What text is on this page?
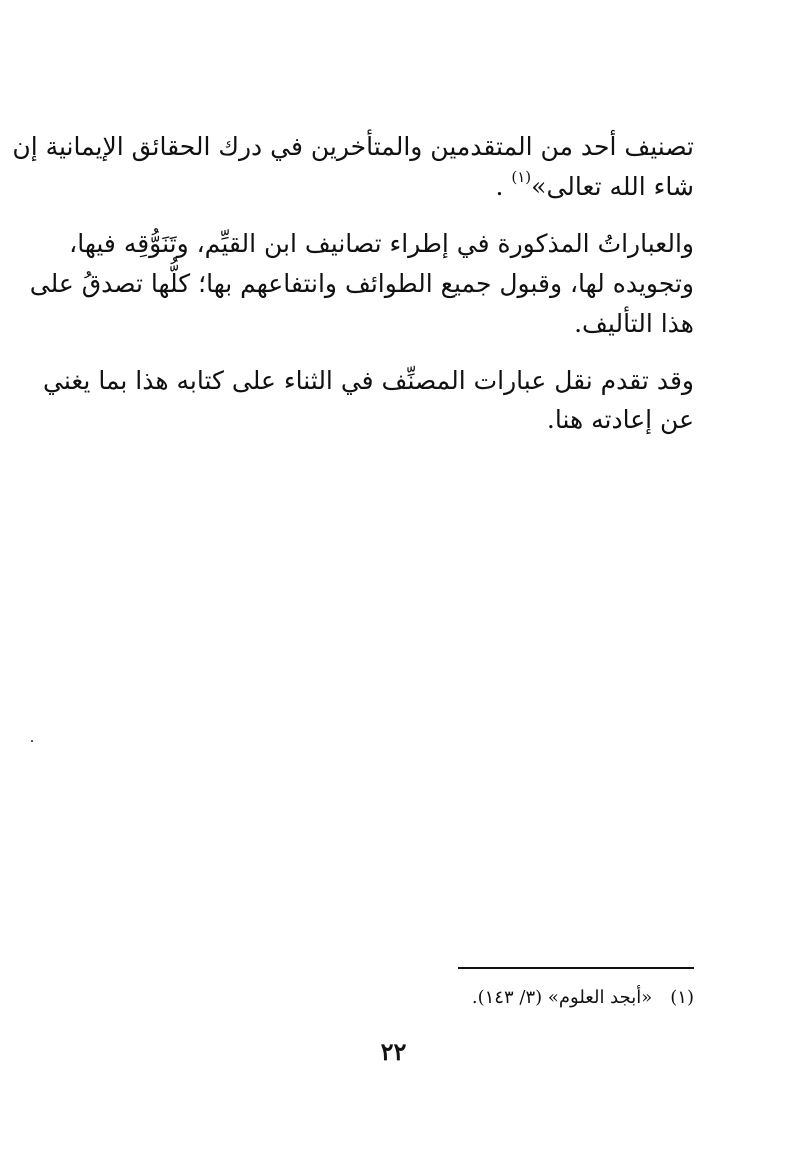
تصنيف أحد من المتقدمين والمتأخرين في درك الحقائق الإيمانية إن
شاء الله تعالى»$^{(١)}$ .
والعباراتُ المذكورة في إطراء تصانيف ابن القيِّم، وتَنَوُّقِه فيها،
وتجويده لها، وقبول جميع الطوائف وانتفاعهم بها؛ كلُّها تصدقُ على
هذا التأليف.
وقد تقدم نقل عبارات المصنِّف في الثناء على كتابه هذا بما يغني
عن إعادته هنا.
(١)«أبجد العلوم» (٣/ ١٤٣).
٢٢
